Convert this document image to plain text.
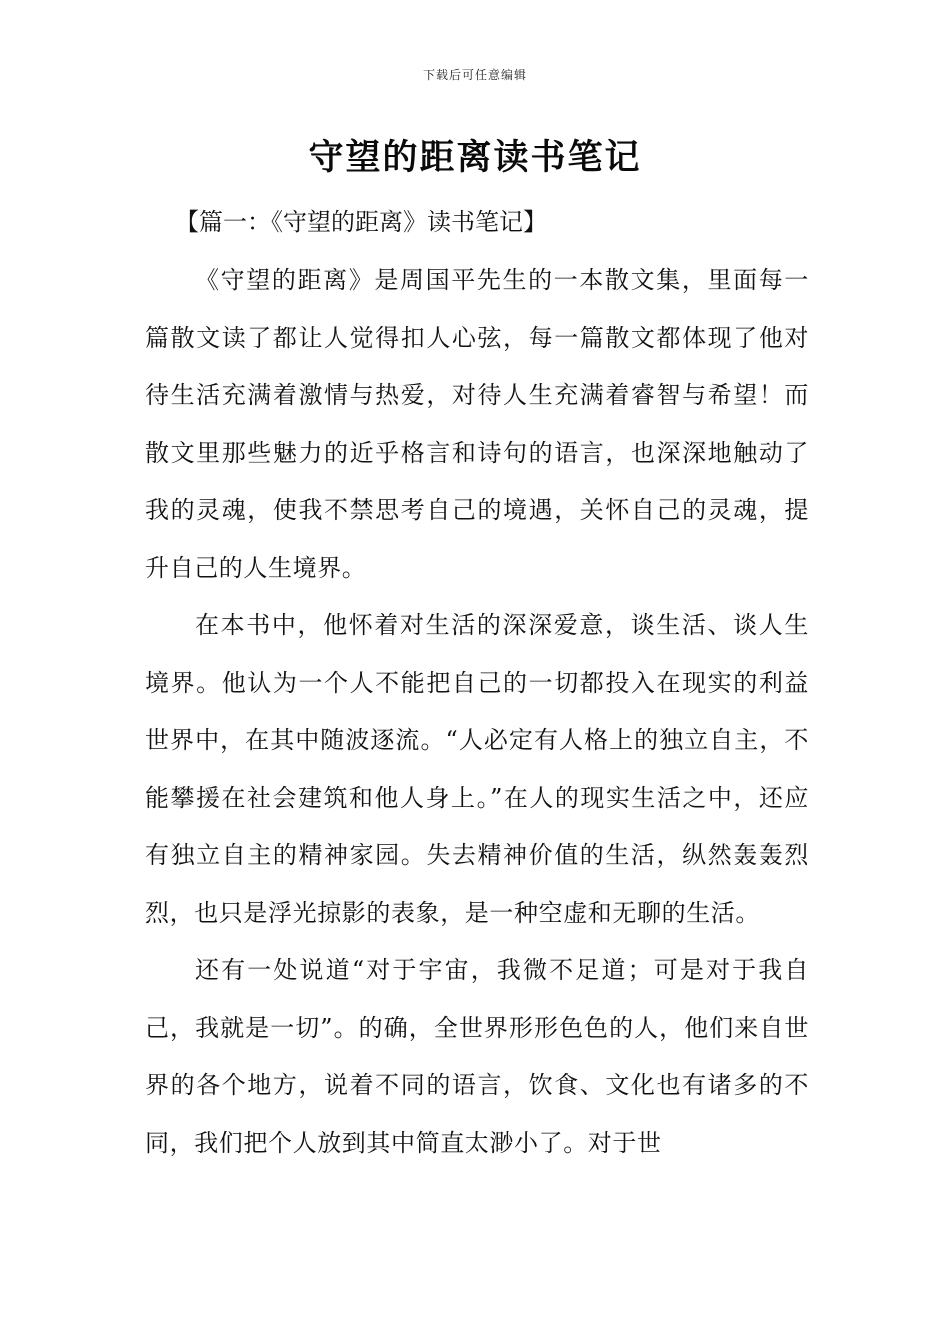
下载后可任意编辑
守望的距离读书笔记
【篇一：《守望的距离》读书笔记】

《守望的距离》是周国平先生的一本散文集，里面每一篇散文读了都让人觉得扣人心弦，每一篇散文都体现了他对待生活充满着激情与热爱，对待人生充满着睿智与希望！而散文里那些魅力的近乎格言和诗句的语言，也深深地触动了我的灵魂，使我不禁思考自己的境遇，关怀自己的灵魂，提升自己的人生境界。

在本书中，他怀着对生活的深深爱意，谈生活、谈人生境界。他认为一个人不能把自己的一切都投入在现实的利益世界中，在其中随波逐流。“人必定有人格上的独立自主，不能攀援在社会建筑和他人身上。”在人的现实生活之中，还应有独立自主的精神家园。失去精神价值的生活，纵然轰轰烈烈，也只是浮光掠影的表象，是一种空虚和无聊的生活。

还有一处说道“对于宇宙，我微不足道；可是对于我自己，我就是一切”。的确，全世界形形色色的人，他们来自世界的各个地方，说着不同的语言，饮食、文化也有诸多的不同，我们把个人放到其中简直太渺小了。对于世
